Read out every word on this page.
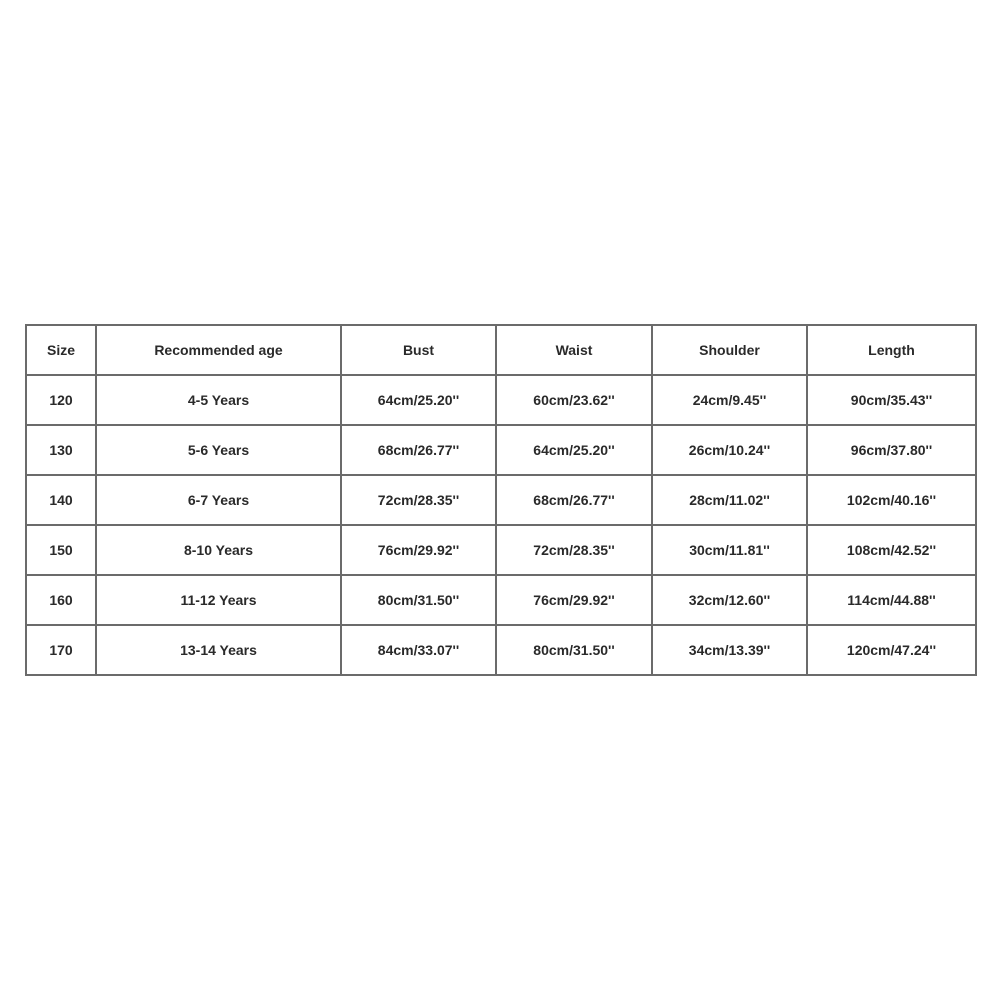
Size	Recommended age	Bust	Waist	Shoulder	Length
120	4-5 Years	64cm/25.20''	60cm/23.62''	24cm/9.45''	90cm/35.43''
130	5-6 Years	68cm/26.77''	64cm/25.20''	26cm/10.24''	96cm/37.80''
140	6-7 Years	72cm/28.35''	68cm/26.77''	28cm/11.02''	102cm/40.16''
150	8-10 Years	76cm/29.92''	72cm/28.35''	30cm/11.81''	108cm/42.52''
160	11-12 Years	80cm/31.50''	76cm/29.92''	32cm/12.60''	114cm/44.88''
170	13-14 Years	84cm/33.07''	80cm/31.50''	34cm/13.39''	120cm/47.24''
